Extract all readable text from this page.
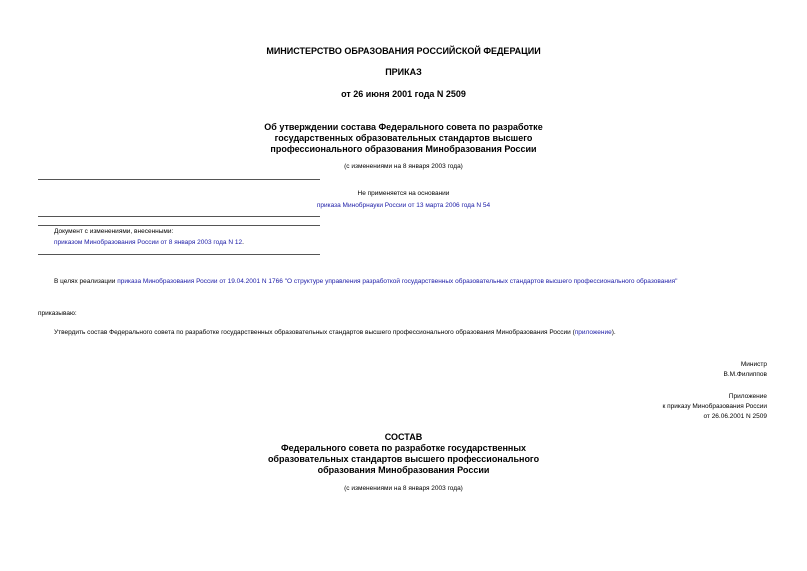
МИНИСТЕРСТВО ОБРАЗОВАНИЯ РОССИЙСКОЙ ФЕДЕРАЦИИ
ПРИКАЗ
от 26 июня 2001 года N 2509
Об утверждении состава Федерального совета по разработке
государственных образовательных стандартов высшего
профессионального образования Минобразования России
(с изменениями на 8 января 2003 года)
Не применяется на основании
приказа Минобрнауки России от 13 марта 2006 года N 54
Документ с изменениями, внесенными:
приказом Минобразования России от 8 января 2003 года N 12.
В целях реализации приказа Минобразования России от 19.04.2001 N 1766 "О структуре управления разработкой государственных образовательных стандартов высшего профессионального образования"
приказываю:
Утвердить состав Федерального совета по разработке государственных образовательных стандартов высшего профессионального образования Минобразования России (приложение).
Министр
В.М.Филиппов
Приложение
к приказу Минобразования России
от 26.06.2001 N 2509
СОСТАВ
Федерального совета по разработке государственных
образовательных стандартов высшего профессионального
образования Минобразования России
(с изменениями на 8 января 2003 года)
